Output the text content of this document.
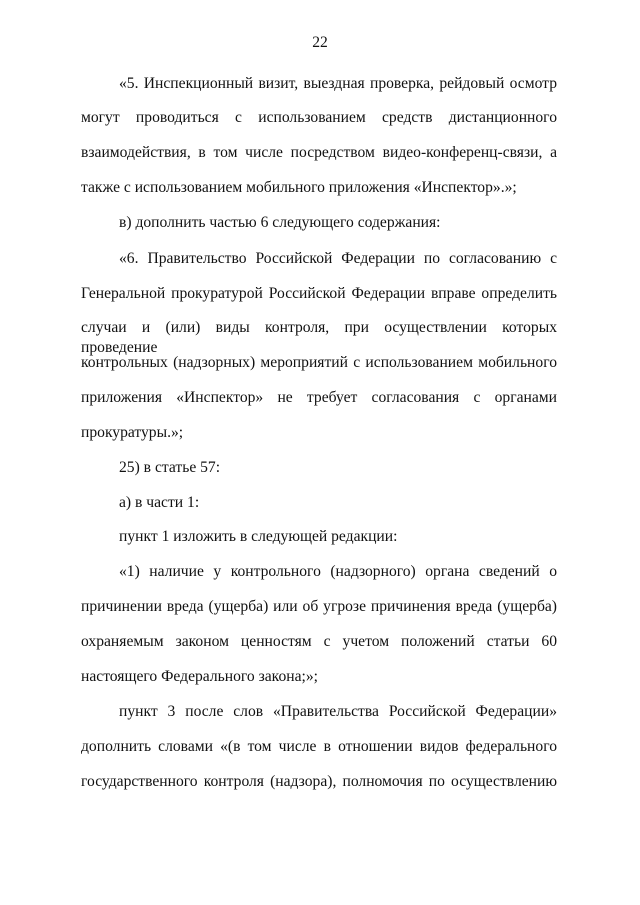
22
«5. Инспекционный визит, выездная проверка, рейдовый осмотр
могут проводиться с использованием средств дистанционного
взаимодействия, в том числе посредством видео-конференц-связи, а
также с использованием мобильного приложения «Инспектор».»;
в) дополнить частью 6 следующего содержания:
«6. Правительство Российской Федерации по согласованию с
Генеральной прокуратурой Российской Федерации вправе определить
случаи и (или) виды контроля, при осуществлении которых проведение
контрольных (надзорных) мероприятий с использованием мобильного
приложения «Инспектор» не требует согласования с органами
прокуратуры.»;
25) в статье 57:
а) в части 1:
пункт 1 изложить в следующей редакции:
«1) наличие у контрольного (надзорного) органа сведений о
причинении вреда (ущерба) или об угрозе причинения вреда (ущерба)
охраняемым законом ценностям с учетом положений статьи 60
настоящего Федерального закона;»;
пункт 3 после слов «Правительства Российской Федерации»
дополнить словами «(в том числе в отношении видов федерального
государственного контроля (надзора), полномочия по осуществлению
